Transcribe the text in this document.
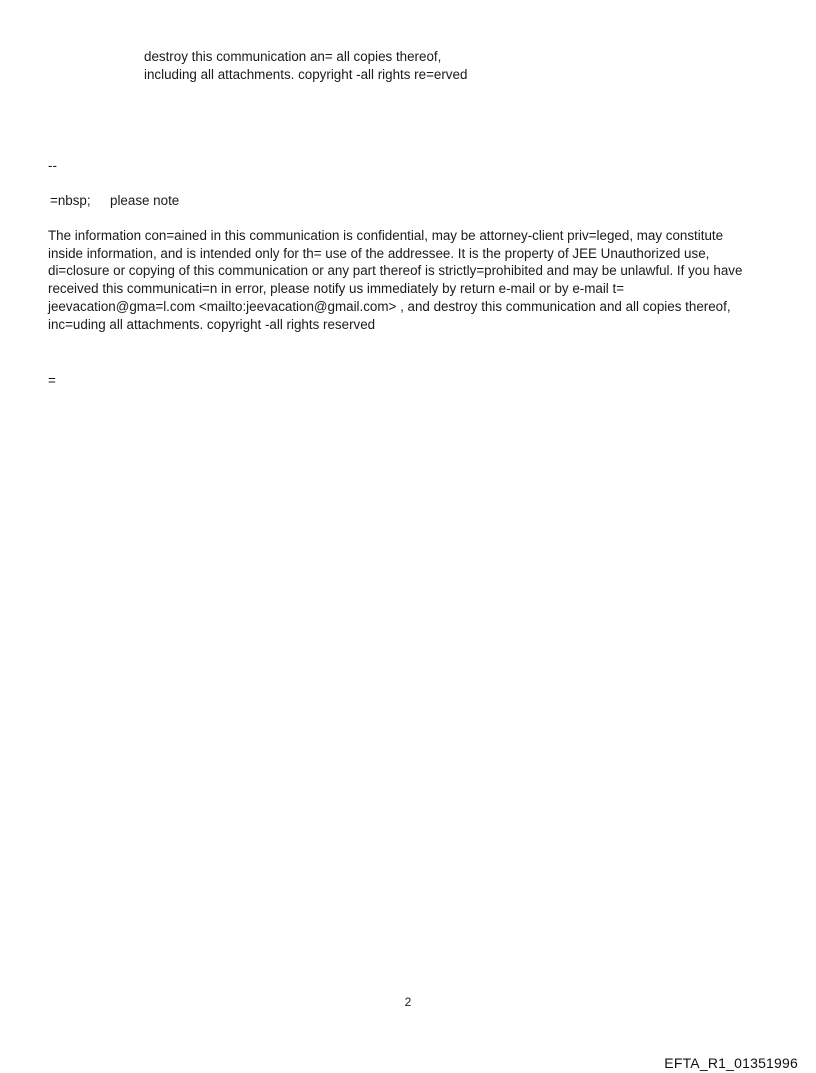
destroy this communication an= all copies thereof,
including all attachments. copyright -all rights re=erved
--
=nbsp; please note
The information con=ained in this communication is confidential, may be attorney-client priv=leged, may constitute
inside information, and is intended only for th= use of the addressee. It is the property of JEE Unauthorized use,
di=closure or copying of this communication or any part thereof is strictly=prohibited and may be unlawful. If you have
received this communicati=n in error, please notify us immediately by return e-mail or by e-mail t=
jeevacation@gma=l.com <mailto:jeevacation@gmail.com> , and destroy this communication and all copies thereof,
inc=uding all attachments. copyright -all rights reserved
=
2
EFTA_R1_01351996
